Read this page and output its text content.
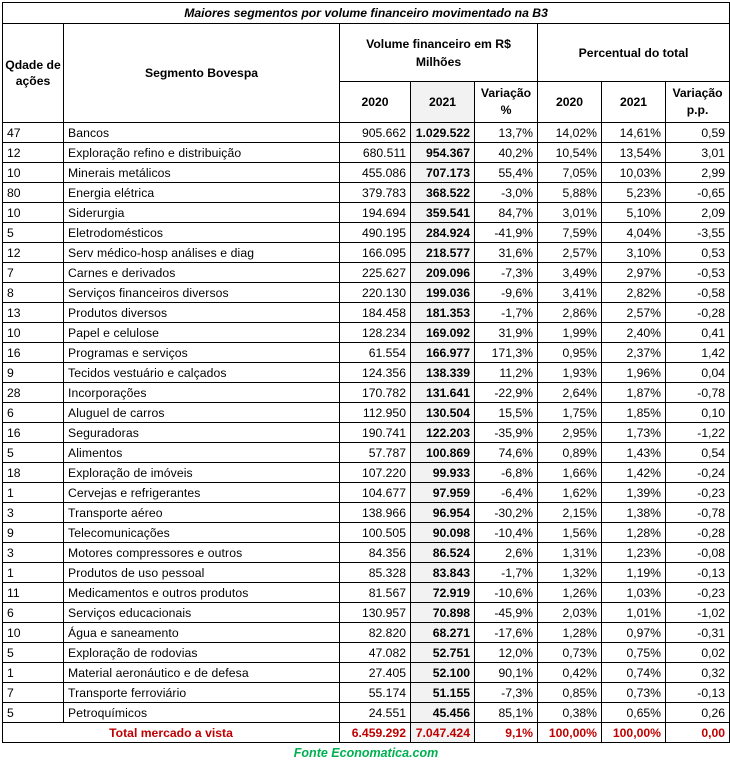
Maiores segmentos por volume financeiro movimentado na B3							
Qdade de ações	Segmento Bovespa	Volume financeiro em R$ Milhões			Percentual do total		
		2020	2021	Variação %	2020	2021	Variação p.p.
47	Bancos	905.662	1.029.522	13,7%	14,02%	14,61%	0,59
12	Exploração refino e distribuição	680.511	954.367	40,2%	10,54%	13,54%	3,01
10	Minerais metálicos	455.086	707.173	55,4%	7,05%	10,03%	2,99
80	Energia elétrica	379.783	368.522	-3,0%	5,88%	5,23%	-0,65
10	Siderurgia	194.694	359.541	84,7%	3,01%	5,10%	2,09
5	Eletrodomésticos	490.195	284.924	-41,9%	7,59%	4,04%	-3,55
12	Serv médico-hosp análises e diag	166.095	218.577	31,6%	2,57%	3,10%	0,53
7	Carnes e derivados	225.627	209.096	-7,3%	3,49%	2,97%	-0,53
8	Serviços financeiros diversos	220.130	199.036	-9,6%	3,41%	2,82%	-0,58
13	Produtos diversos	184.458	181.353	-1,7%	2,86%	2,57%	-0,28
10	Papel e celulose	128.234	169.092	31,9%	1,99%	2,40%	0,41
16	Programas e serviços	61.554	166.977	171,3%	0,95%	2,37%	1,42
9	Tecidos vestuário e calçados	124.356	138.339	11,2%	1,93%	1,96%	0,04
28	Incorporações	170.782	131.641	-22,9%	2,64%	1,87%	-0,78
6	Aluguel de carros	112.950	130.504	15,5%	1,75%	1,85%	0,10
16	Seguradoras	190.741	122.203	-35,9%	2,95%	1,73%	-1,22
5	Alimentos	57.787	100.869	74,6%	0,89%	1,43%	0,54
18	Exploração de imóveis	107.220	99.933	-6,8%	1,66%	1,42%	-0,24
1	Cervejas e refrigerantes	104.677	97.959	-6,4%	1,62%	1,39%	-0,23
3	Transporte aéreo	138.966	96.954	-30,2%	2,15%	1,38%	-0,78
9	Telecomunicações	100.505	90.098	-10,4%	1,56%	1,28%	-0,28
3	Motores compressores e outros	84.356	86.524	2,6%	1,31%	1,23%	-0,08
1	Produtos de uso pessoal	85.328	83.843	-1,7%	1,32%	1,19%	-0,13
11	Medicamentos e outros produtos	81.567	72.919	-10,6%	1,26%	1,03%	-0,23
6	Serviços educacionais	130.957	70.898	-45,9%	2,03%	1,01%	-1,02
10	Água e saneamento	82.820	68.271	-17,6%	1,28%	0,97%	-0,31
5	Exploração de rodovias	47.082	52.751	12,0%	0,73%	0,75%	0,02
1	Material aeronáutico e de defesa	27.405	52.100	90,1%	0,42%	0,74%	0,32
7	Transporte ferroviário	55.174	51.155	-7,3%	0,85%	0,73%	-0,13
5	Petroquímicos	24.551	45.456	85,1%	0,38%	0,65%	0,26
Total mercado a vista		6.459.292	7.047.424	9,1%	100,00%	100,00%	0,00
Fonte Economatica.com							
